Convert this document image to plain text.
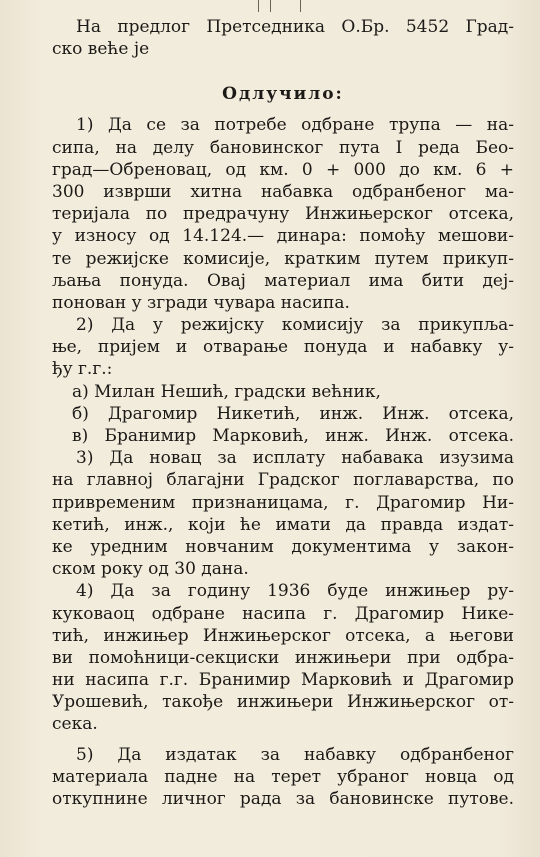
На предлог Претседника О.Бр. 5452 Град-
ско веће је
Одлучило:
1) Да се за потребе одбране трупа — на-
сипа, на делу бановинског пута I реда Бео-
град—Обреновац, од км. 0 + 000 до км. 6 +
300 изврши хитна набавка одбранбеног ма-
теријала по предрачуну Инжињерског отсека,
у износу од 14.124.— динара: помоћу мешови-
те режијске комисије, кратким путем прикуп-
љања понуда. Овај материал има бити деј-
понован у згради чувара насипа.
2) Да у режијску комисију за прикупља-
ње, пријем и отварање понуда и набавку у-
ђу г.г.:
а) Милан Нешић, градски већник,
б) Драгомир Никетић, инж. Инж. отсека,
в) Бранимир Марковић, инж. Инж. отсека.
3) Да новац за исплату набавака изузима
на главној благајни Градског поглаварства, по
привременим признаницама, г. Драгомир Ни-
кетић, инж., који ће имати да правда издат-
ке уредним новчаним документима у закон-
ском року од 30 дана.
4) Да за годину 1936 буде инжињер ру-
куковаоц одбране насипа г. Драгомир Нике-
тић, инжињер Инжињерског отсека, а његови
ви помоћници-секциски инжињери при одбра-
ни насипа г.г. Бранимир Марковић и Драгомир
Урошевић, такође инжињери Инжињерског от-
сека.
5) Да издатак за набавку одбранбеног
материала падне на терет убраног новца од
откупнине личног рада за бановинске путове.
